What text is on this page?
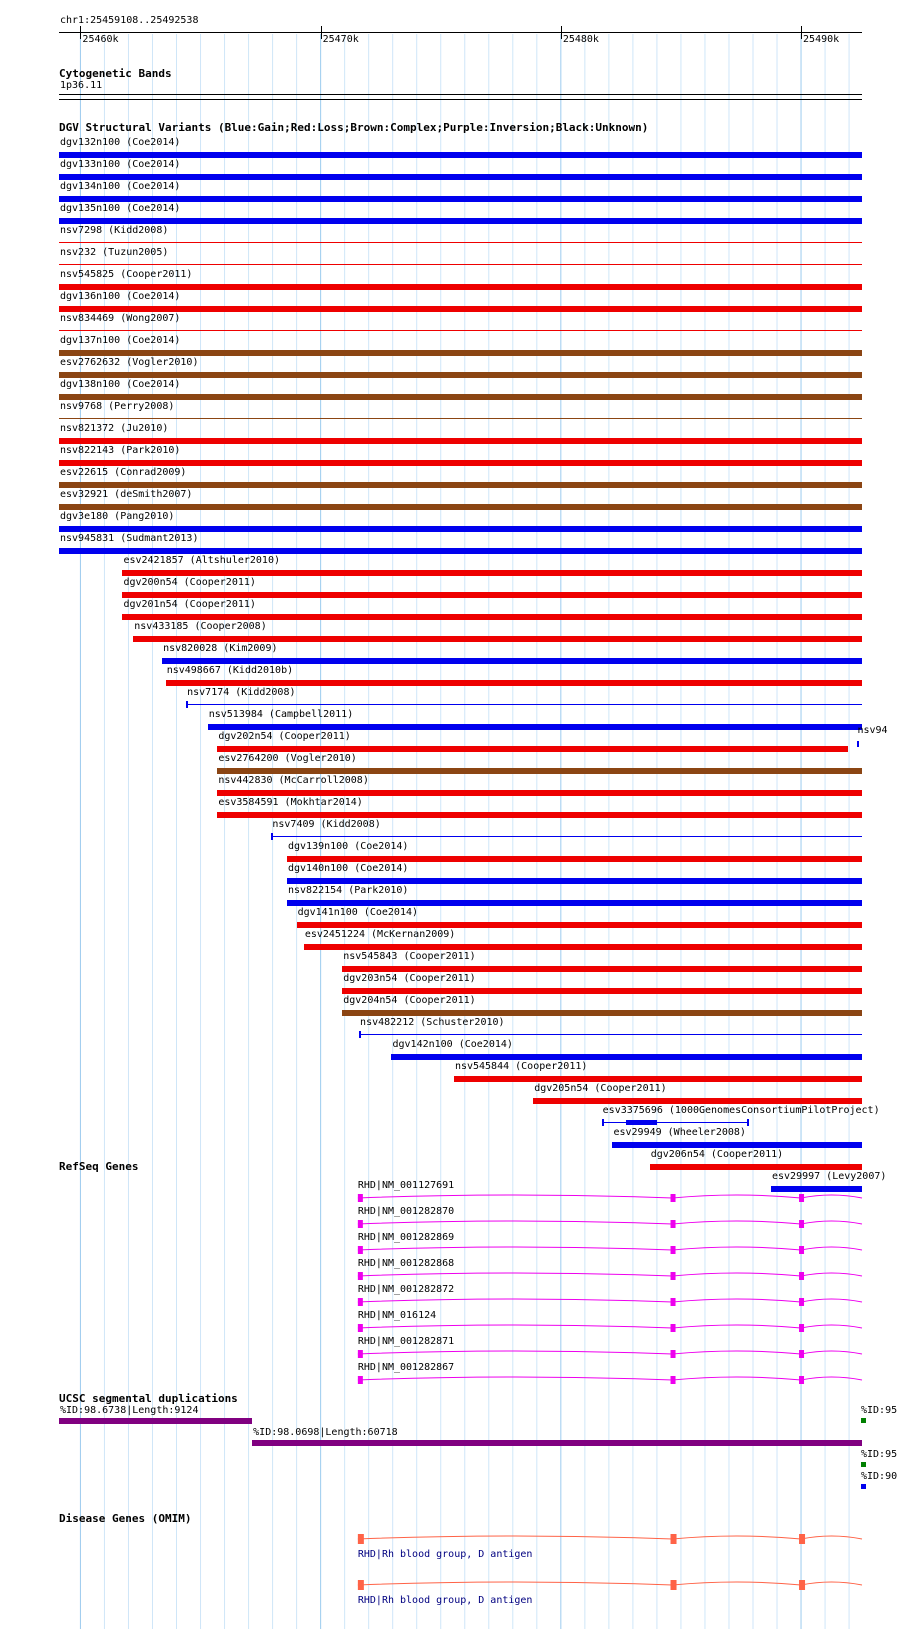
chr1:25459108..25492538
25460k	25470k	25480k	25490k
Cytogenetic Bands
1p36.11
DGV Structural Variants (Blue:Gain;Red:Loss;Brown:Complex;Purple:Inversion;Black:Unknown)
dgv132n100 (Coe2014)
dgv133n100 (Coe2014)
dgv134n100 (Coe2014)
dgv135n100 (Coe2014)
nsv7298 (Kidd2008)
nsv232 (Tuzun2005)
nsv545825 (Cooper2011)
dgv136n100 (Coe2014)
nsv834469 (Wong2007)
dgv137n100 (Coe2014)
esv2762632 (Vogler2010)
dgv138n100 (Coe2014)
nsv9768 (Perry2008)
nsv821372 (Ju2010)
nsv822143 (Park2010)
esv22615 (Conrad2009)
esv32921 (deSmith2007)
dgv3e180 (Pang2010)
nsv945831 (Sudmant2013)
esv2421857 (Altshuler2010)
dgv200n54 (Cooper2011)
dgv201n54 (Cooper2011)
nsv433185 (Cooper2008)
nsv820028 (Kim2009)
nsv498667 (Kidd2010b)
nsv7174 (Kidd2008)
nsv513984 (Campbell2011)
dgv202n54 (Cooper2011)
esv2764200 (Vogler2010)
nsv442830 (McCarroll2008)
esv3584591 (Mokhtar2014)
nsv7409 (Kidd2008)
dgv139n100 (Coe2014)
dgv140n100 (Coe2014)
nsv822154 (Park2010)
dgv141n100 (Coe2014)
esv2451224 (McKernan2009)
nsv545843 (Cooper2011)
dgv203n54 (Cooper2011)
dgv204n54 (Cooper2011)
nsv482212 (Schuster2010)
dgv142n100 (Coe2014)
nsv545844 (Cooper2011)
dgv205n54 (Cooper2011)
esv3375696 (1000GenomesConsortiumPilotProject)
esv29949 (Wheeler2008)
dgv206n54 (Cooper2011)
esv29997 (Levy2007)
nsv94
RefSeq Genes
RHD|NM_001127691
RHD|NM_001282870
RHD|NM_001282869
RHD|NM_001282868
RHD|NM_001282872
RHD|NM_016124
RHD|NM_001282871
RHD|NM_001282867
UCSC segmental duplications
%ID:98.6738|Length:9124
%ID:98.0698|Length:60718
%ID:95
%ID:95
%ID:90
Disease Genes (OMIM)
RHD|Rh blood group, D antigen
RHD|Rh blood group, D antigen
